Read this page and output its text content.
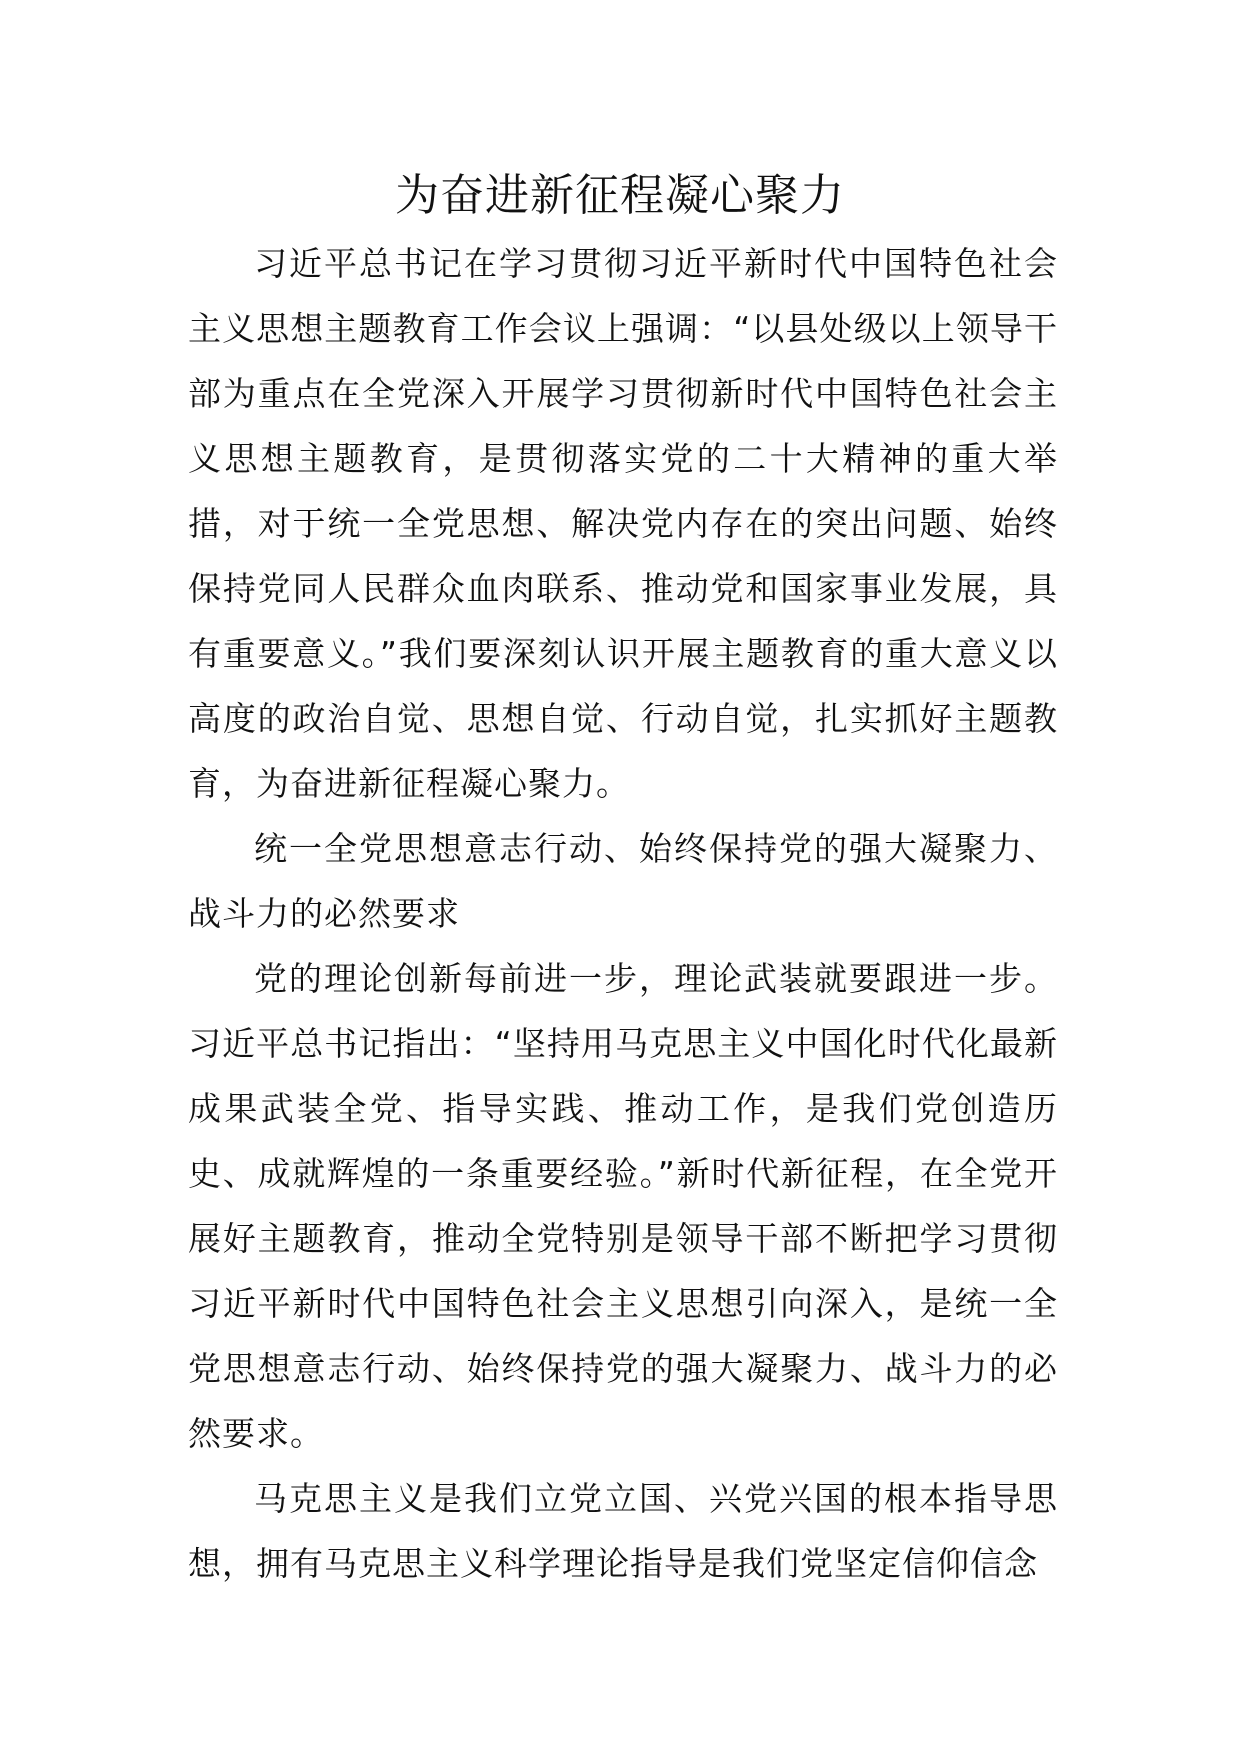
为奋进新征程凝心聚力

习近平总书记在学习贯彻习近平新时代中国特色社会主义思想主题教育工作会议上强调：“以县处级以上领导干部为重点在全党深入开展学习贯彻新时代中国特色社会主义思想主题教育，是贯彻落实党的二十大精神的重大举措，对于统一全党思想、解决党内存在的突出问题、始终保持党同人民群众血肉联系、推动党和国家事业发展，具有重要意义。”我们要深刻认识开展主题教育的重大意义以高度的政治自觉、思想自觉、行动自觉，扎实抓好主题教育，为奋进新征程凝心聚力。

统一全党思想意志行动、始终保持党的强大凝聚力、战斗力的必然要求

党的理论创新每前进一步，理论武装就要跟进一步。习近平总书记指出：“坚持用马克思主义中国化时代化最新成果武装全党、指导实践、推动工作，是我们党创造历史、成就辉煌的一条重要经验。”新时代新征程，在全党开展好主题教育，推动全党特别是领导干部不断把学习贯彻习近平新时代中国特色社会主义思想引向深入，是统一全党思想意志行动、始终保持党的强大凝聚力、战斗力的必然要求。

马克思主义是我们立党立国、兴党兴国的根本指导思想，拥有马克思主义科学理论指导是我们党坚定信仰信念
